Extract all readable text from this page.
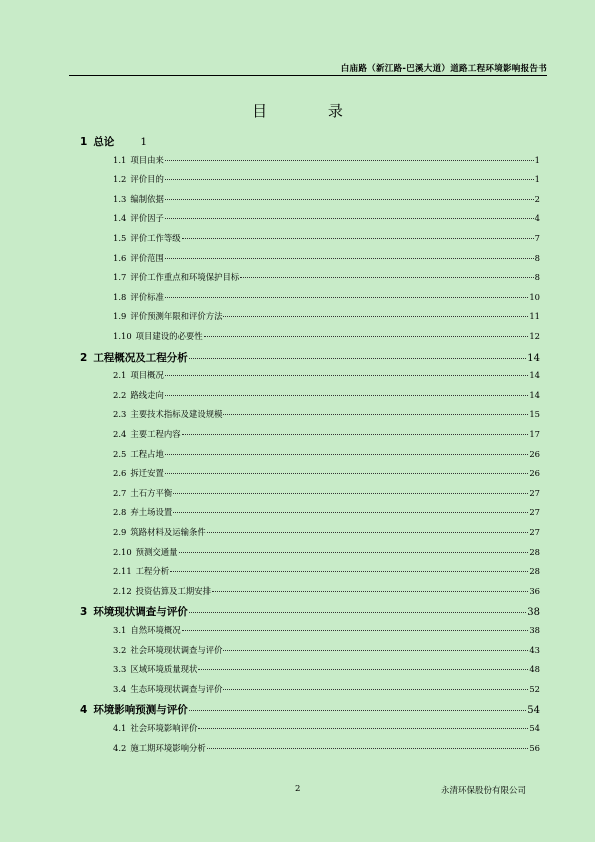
白庙路（新江路-巴溪大道）道路工程环境影响报告书
目 录
1 总论 1
1.1 项目由来	1
1.2 评价目的	1
1.3 编制依据	2
1.4 评价因子	4
1.5 评价工作等级	7
1.6 评价范围	8
1.7 评价工作重点和环境保护目标	8
1.8 评价标准	10
1.9 评价预测年限和评价方法	11
1.10 项目建设的必要性	12
2 工程概况及工程分析	14
2.1 项目概况	14
2.2 路线走向	14
2.3 主要技术指标及建设规模	15
2.4 主要工程内容	17
2.5 工程占地	26
2.6 拆迁安置	26
2.7 土石方平衡	27
2.8 弃土场设置	27
2.9 筑路材料及运输条件	27
2.10 预测交通量	28
2.11 工程分析	28
2.12 投资估算及工期安排	36
3 环境现状调查与评价	38
3.1 自然环境概况	38
3.2 社会环境现状调查与评价	43
3.3 区域环境质量现状	48
3.4 生态环境现状调查与评价	52
4 环境影响预测与评价	54
4.1 社会环境影响评价	54
4.2 施工期环境影响分析	56
2	永清环保股份有限公司
